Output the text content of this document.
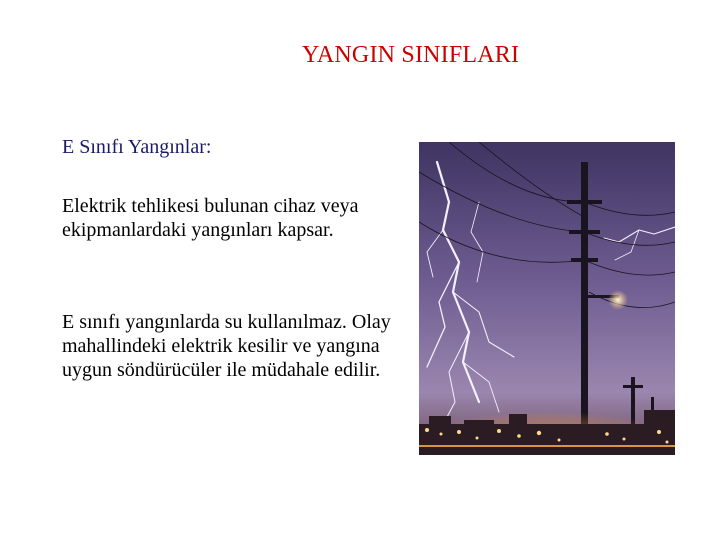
YANGIN SINIFLARI
E Sınıfı Yangınlar:

Elektrik tehlikesi bulunan cihaz veya ekipmanlardaki yangınları kapsar.

E sınıfı yangınlarda su kullanılmaz. Olay mahallindeki elektrik kesilir ve yangına uygun söndürücüler ile müdahale edilir.
